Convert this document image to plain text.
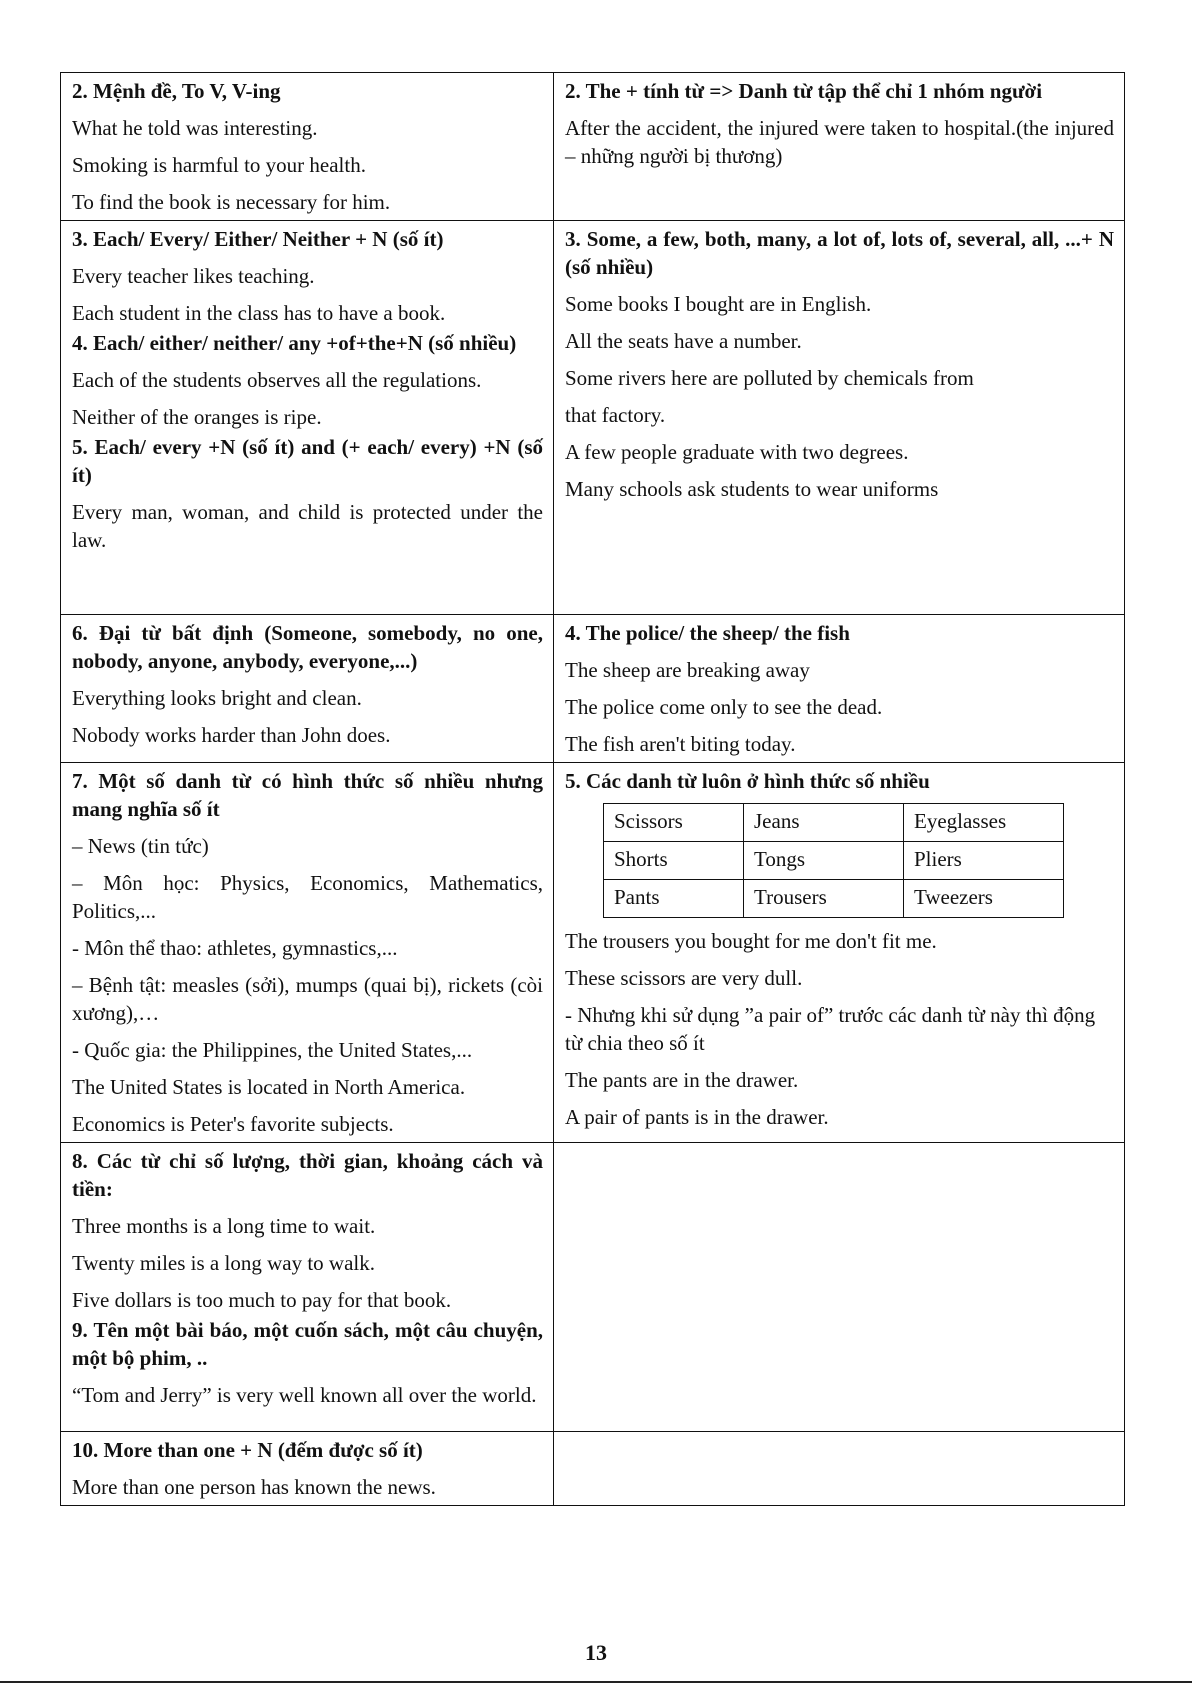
2. Mệnh đề, To V, V-ing
What he told was interesting.
Smoking is harmful to your health.
To find the book is necessary for him.

2. The + tính từ => Danh từ tập thể chỉ 1 nhóm người
After the accident, the injured were taken to hospital.(the injured – những người bị thương)

3. Each/ Every/ Either/ Neither + N (số ít)
Every teacher likes teaching.
Each student in the class has to have a book.
4. Each/ either/ neither/ any +of+the+N (số nhiều)
Each of the students observes all the regulations.
Neither of the oranges is ripe.
5. Each/ every +N (số ít) and (+ each/ every) +N (số ít)
Every man, woman, and child is protected under the law.

3. Some, a few, both, many, a lot of, lots of, several, all, ...+ N (số nhiều)
Some books I bought are in English.
All the seats have a number.
Some rivers here are polluted by chemicals from
that factory.
A few people graduate with two degrees.
Many schools ask students to wear uniforms

6. Đại từ bất định (Someone, somebody, no one, nobody, anyone, anybody, everyone,...)
Everything looks bright and clean.
Nobody works harder than John does.

4. The police/ the sheep/ the fish
The sheep are breaking away
The police come only to see the dead.
The fish aren't biting today.

7. Một số danh từ có hình thức số nhiều nhưng mang nghĩa số ít
– News (tin tức)
– Môn học: Physics, Economics, Mathematics, Politics,...
- Môn thể thao: athletes, gymnastics,...
– Bệnh tật: measles (sởi), mumps (quai bị), rickets (còi xương),…
- Quốc gia: the Philippines, the United States,...
The United States is located in North America.
Economics is Peter's favorite subjects.

5. Các danh từ luôn ở hình thức số nhiều
Scissors	Jeans	Eyeglasses
Shorts	Tongs	Pliers
Pants	Trousers	Tweezers
The trousers you bought for me don't fit me.
These scissors are very dull.
- Nhưng khi sử dụng ”a pair of” trước các danh từ này thì động từ chia theo số ít
The pants are in the drawer.
A pair of pants is in the drawer.

8. Các từ chỉ số lượng, thời gian, khoảng cách và tiền:
Three months is a long time to wait.
Twenty miles is a long way to walk.
Five dollars is too much to pay for that book.
9. Tên một bài báo, một cuốn sách, một câu chuyện, một bộ phim, ..
“Tom and Jerry” is very well known all over the world.

10. More than one + N (đếm được số ít)
More than one person has known the news.

13
